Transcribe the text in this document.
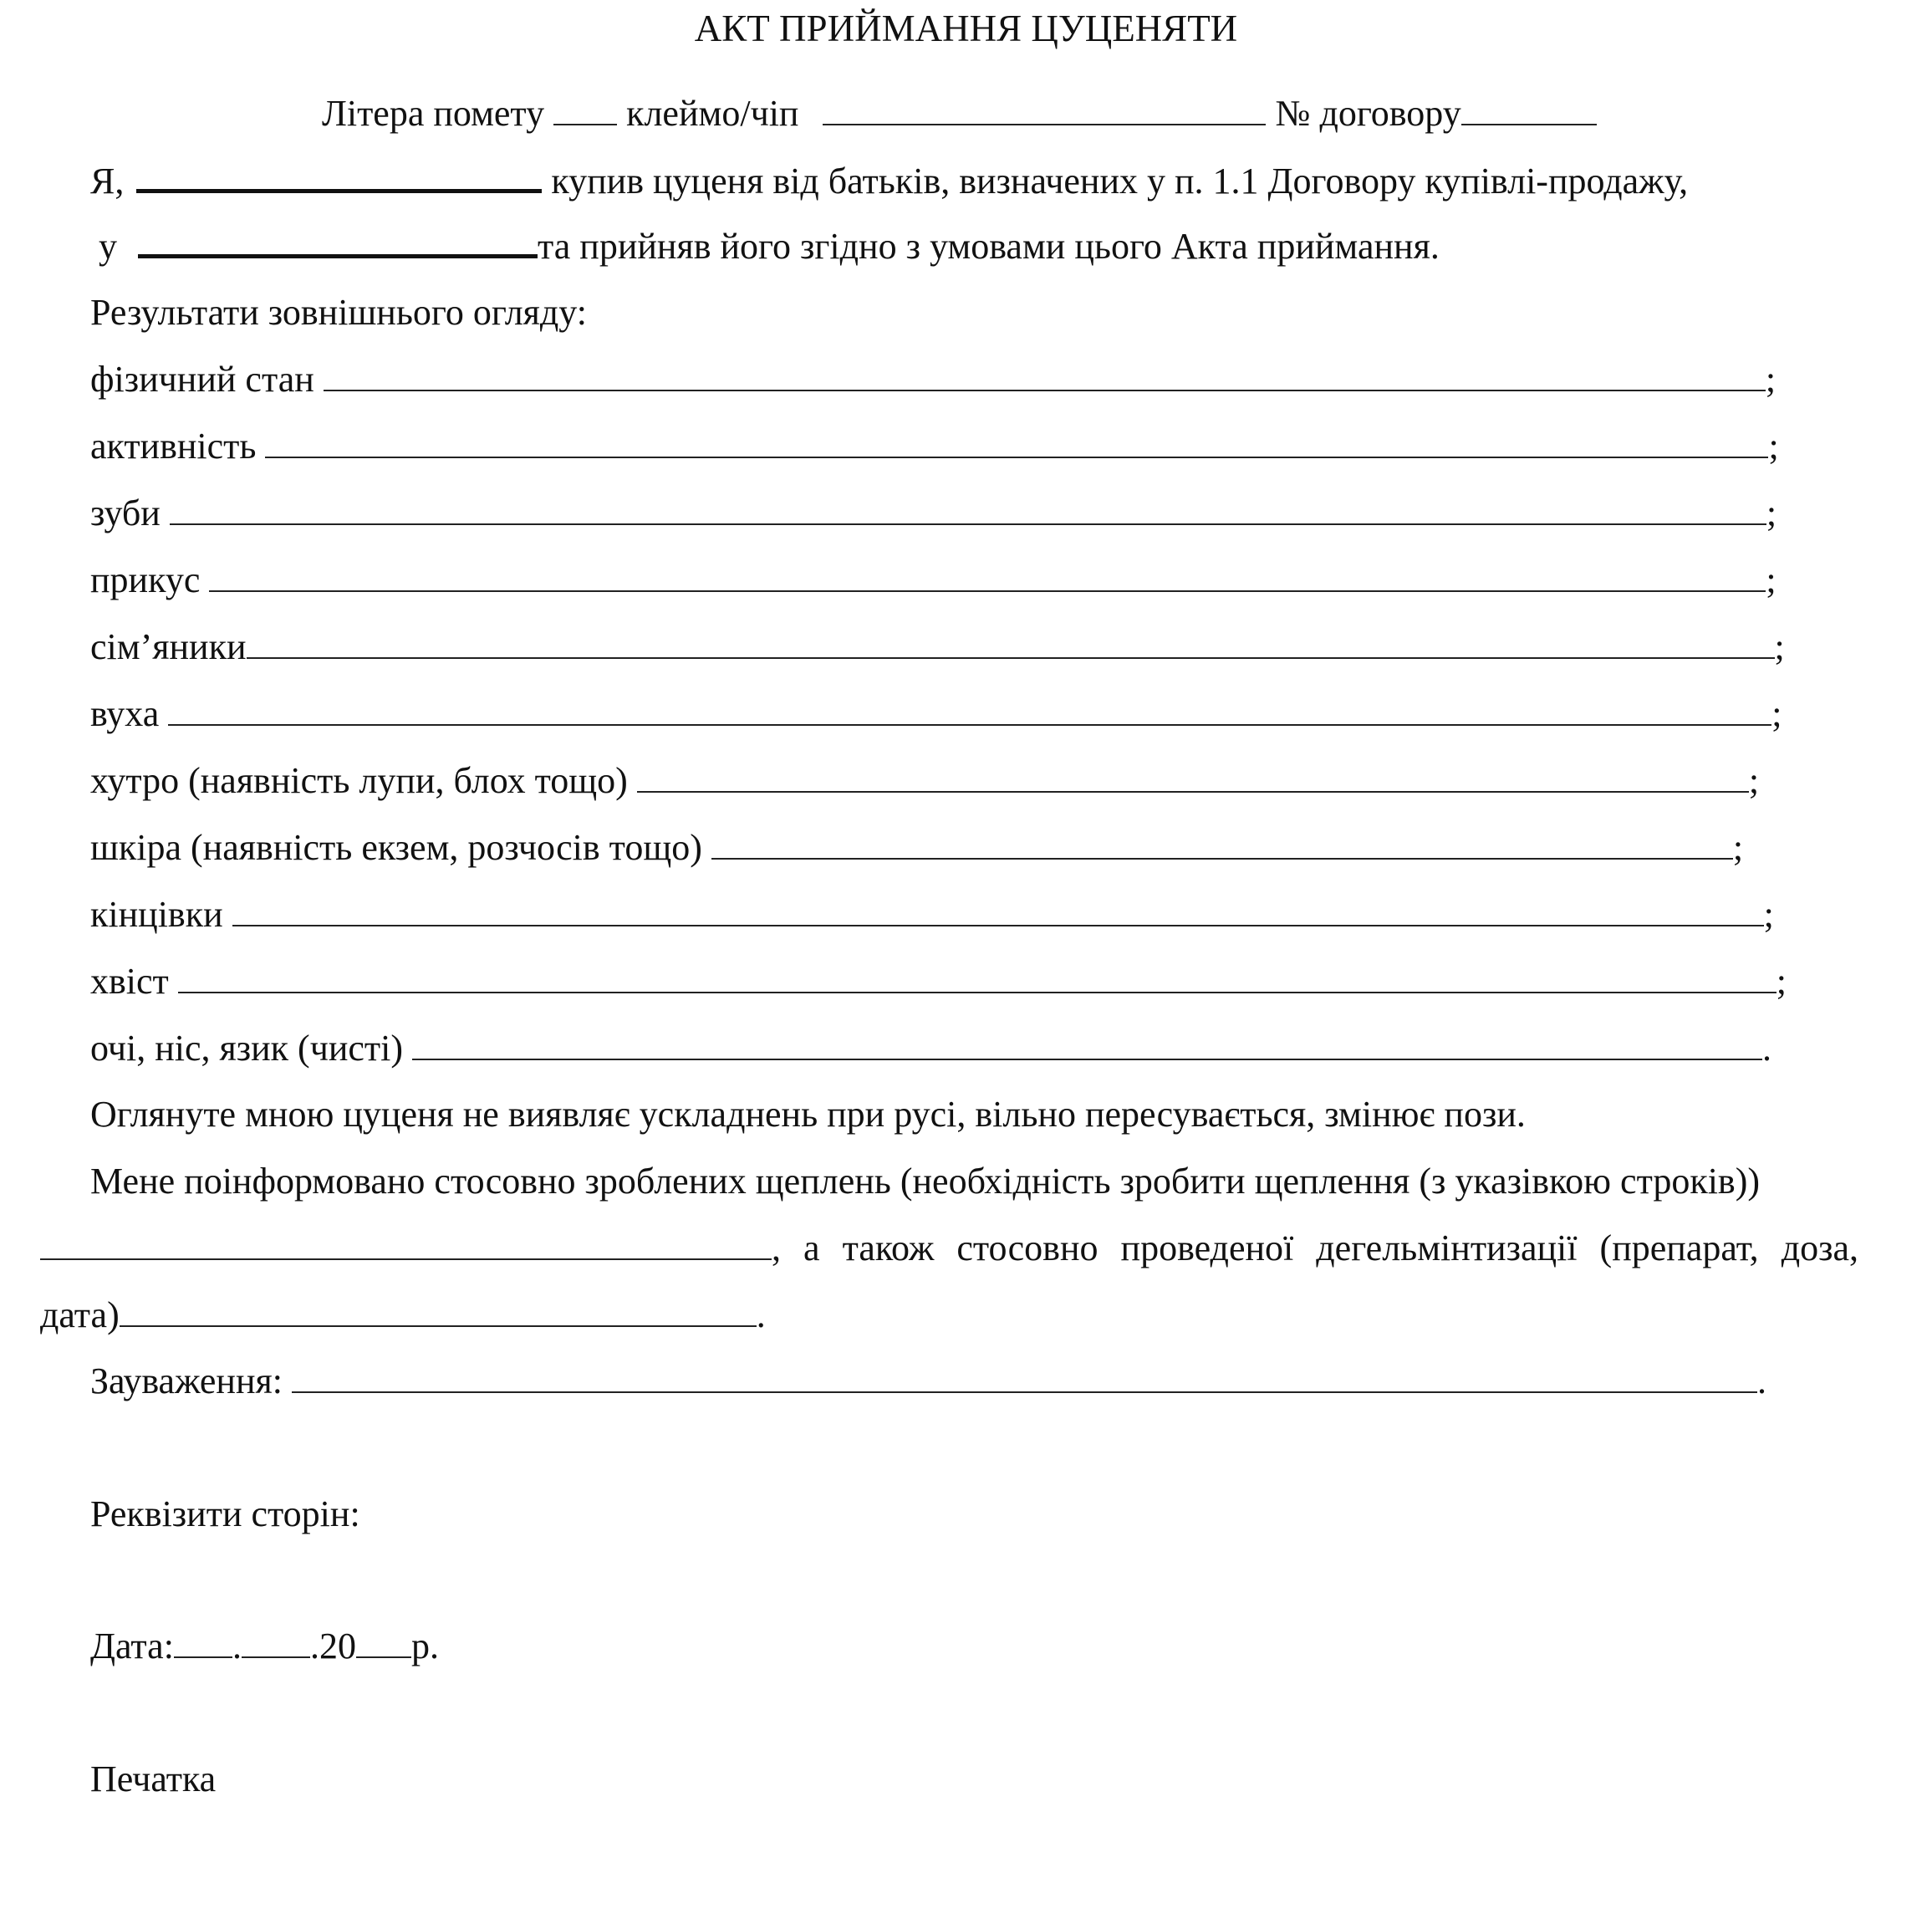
АКТ ПРИЙМАННЯ ЦУЦЕНЯТИ
Літера помету клеймо/чіп	№ договору
Я,	купив цуценя від батьків, визначених у п. 1.1 Договору купівлі-продажу,
у	та прийняв його згідно з умовами цього Акта приймання.
Результати зовнішнього огляду:
фізичний стан	;
активність	;
зуби	;
прикус	;
сім’яники	;
вуха	;
хутро (наявність лупи, блох тощо)	;
шкіра (наявність екзем, розчосів тощо)	;
кінцівки	;
хвіст	;
очі, ніс, язик (чисті)	.
Оглянуте мною цуценя не виявляє ускладнень при русі, вільно пересувається, змінює пози.
Мене поінформовано стосовно зроблених щеплень (необхідність зробити щеплення (з указівкою строків))
, а також стосовно проведеної дегельмінтизації (препарат, доза,
дата)	.
Зауваження:	.
Реквізити сторін:
Дата: . .20 р.
Печатка
